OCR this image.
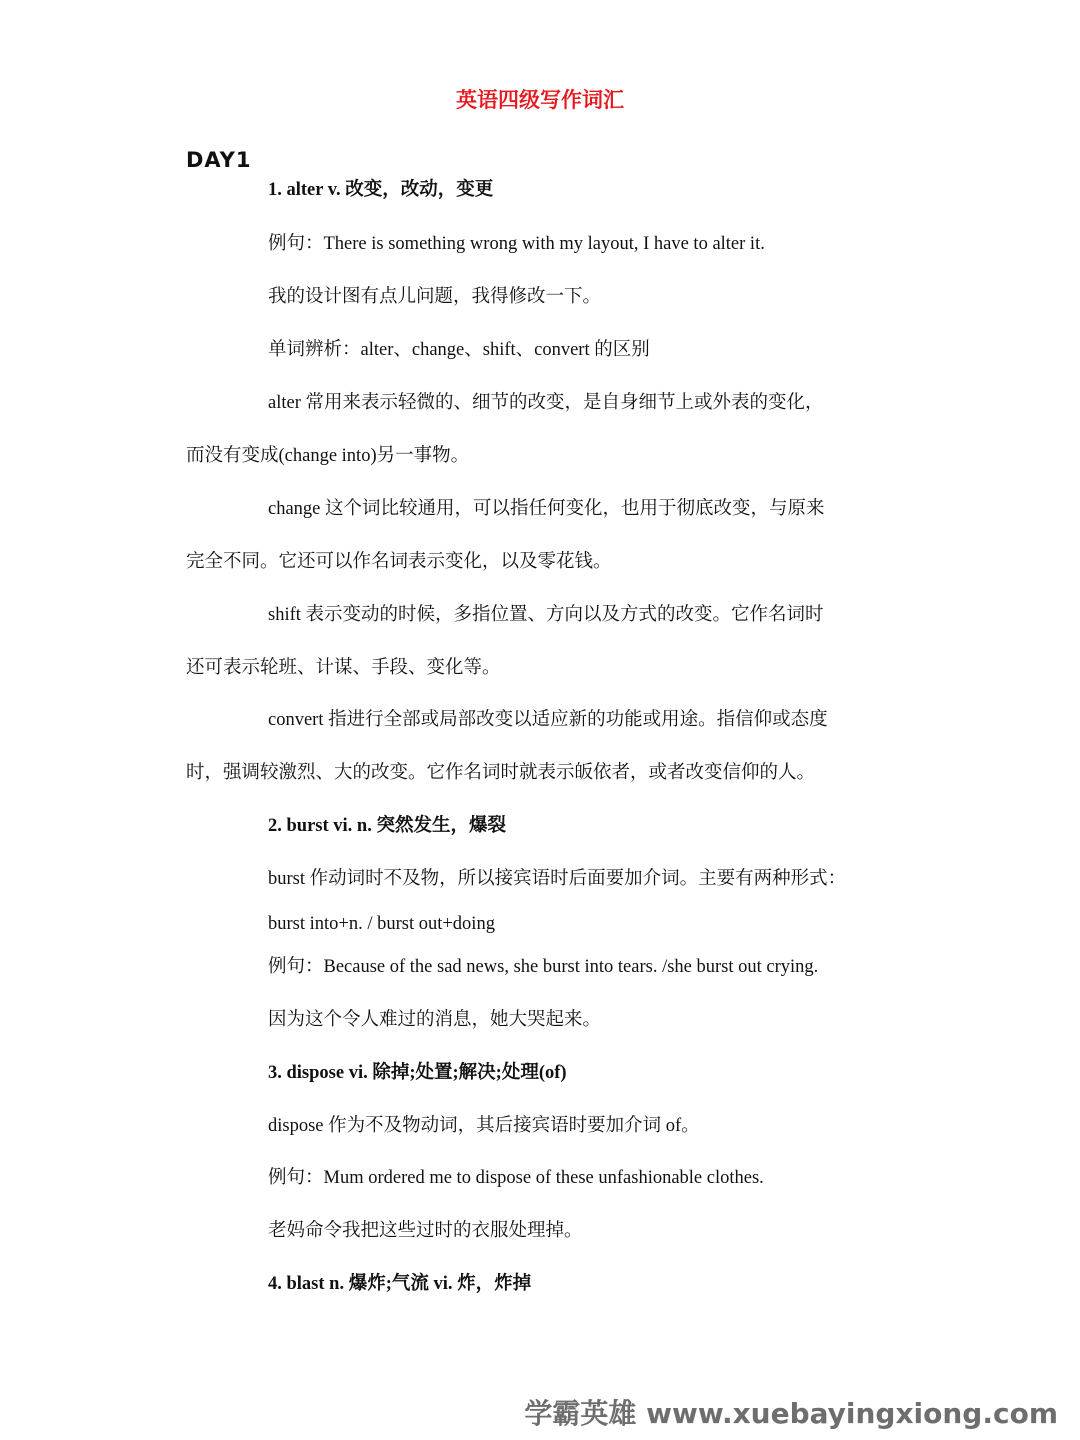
英语四级写作词汇
DAY1
1. alter v. 改变，改动，变更
例句：There is something wrong with my layout, I have to alter it.
我的设计图有点儿问题，我得修改一下。
单词辨析：alter、change、shift、convert 的区别
alter 常用来表示轻微的、细节的改变，是自身细节上或外表的变化，
而没有变成(change into)另一事物。
change 这个词比较通用，可以指任何变化，也用于彻底改变，与原来
完全不同。它还可以作名词表示变化，以及零花钱。
shift 表示变动的时候，多指位置、方向以及方式的改变。它作名词时
还可表示轮班、计谋、手段、变化等。
convert 指进行全部或局部改变以适应新的功能或用途。指信仰或态度
时，强调较激烈、大的改变。它作名词时就表示皈依者，或者改变信仰的人。
2. burst vi. n. 突然发生，爆裂
burst 作动词时不及物，所以接宾语时后面要加介词。主要有两种形式：
burst into+n. / burst out+doing
例句：Because of the sad news, she burst into tears. /she burst out crying.
因为这个令人难过的消息，她大哭起来。
3. dispose vi. 除掉;处置;解决;处理(of)
dispose 作为不及物动词，其后接宾语时要加介词 of。
例句：Mum ordered me to dispose of these unfashionable clothes.
老妈命令我把这些过时的衣服处理掉。
4. blast n. 爆炸;气流 vi. 炸，炸掉
学霸英雄 www.xuebayingxiong.com
